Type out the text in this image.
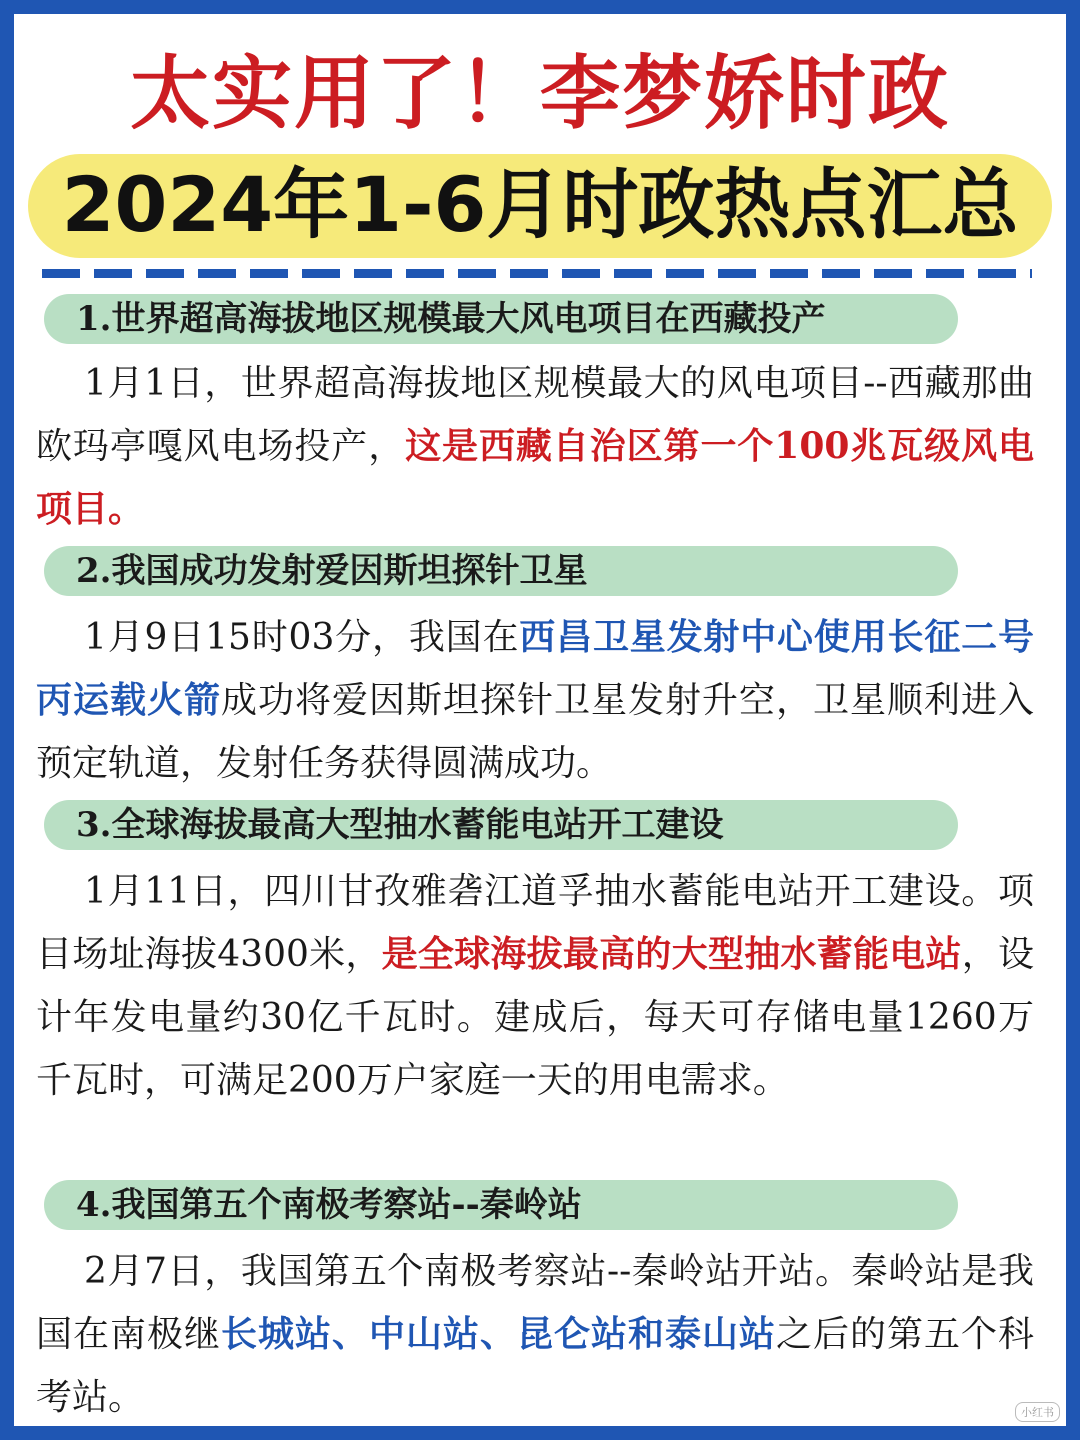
太实用了！李梦娇时政
2024年1-6月时政热点汇总
1.世界超高海拔地区规模最大风电项目在西藏投产
1月1日，世界超高海拔地区规模最大的风电项目--西藏那曲欧玛亭嘎风电场投产，这是西藏自治区第一个100兆瓦级风电项目。
2.我国成功发射爱因斯坦探针卫星
1月9日15时03分，我国在西昌卫星发射中心使用长征二号丙运载火箭成功将爱因斯坦探针卫星发射升空，卫星顺利进入预定轨道，发射任务获得圆满成功。
3.全球海拔最高大型抽水蓄能电站开工建设
1月11日，四川甘孜雅砻江道孚抽水蓄能电站开工建设。项目场址海拔4300米，是全球海拔最高的大型抽水蓄能电站，设计年发电量约30亿千瓦时。建成后，每天可存储电量1260万千瓦时，可满足200万户家庭一天的用电需求。
4.我国第五个南极考察站--秦岭站
2月7日，我国第五个南极考察站--秦岭站开站。秦岭站是我国在南极继长城站、中山站、昆仑站和泰山站之后的第五个科考站。	小红书
